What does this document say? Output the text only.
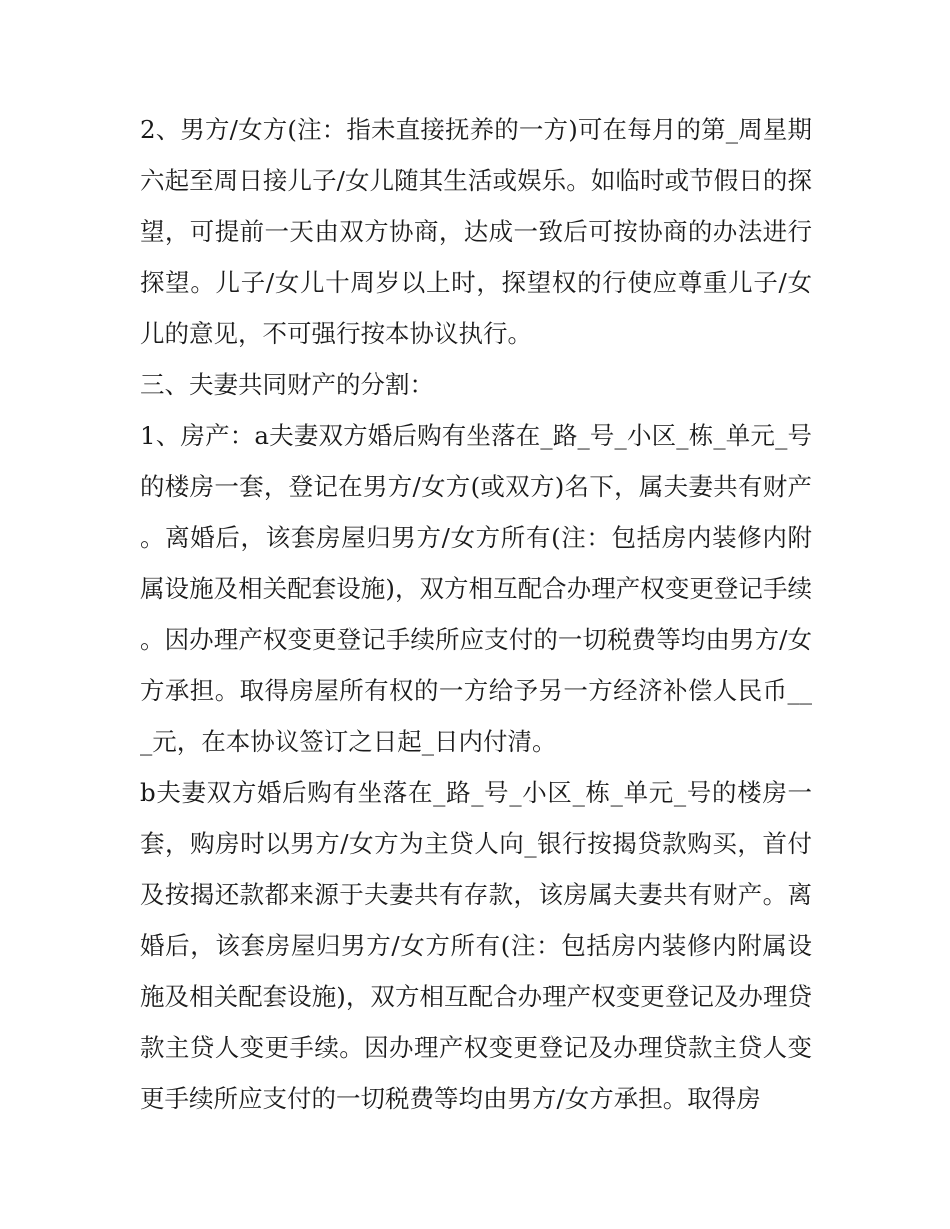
2、男方/女方(注：指未直接抚养的一方)可在每月的第_周星期六起至周日接儿子/女儿随其生活或娱乐。如临时或节假日的探望，可提前一天由双方协商，达成一致后可按协商的办法进行探望。儿子/女儿十周岁以上时，探望权的行使应尊重儿子/女儿的意见，不可强行按本协议执行。

三、夫妻共同财产的分割：

1、房产：a夫妻双方婚后购有坐落在_路_号_小区_栋_单元_号的楼房一套，登记在男方/女方(或双方)名下，属夫妻共有财产。离婚后，该套房屋归男方/女方所有(注：包括房内装修内附属设施及相关配套设施)，双方相互配合办理产权变更登记手续。因办理产权变更登记手续所应支付的一切税费等均由男方/女方承担。取得房屋所有权的一方给予另一方经济补偿人民币___元，在本协议签订之日起_日内付清。

b夫妻双方婚后购有坐落在_路_号_小区_栋_单元_号的楼房一套，购房时以男方/女方为主贷人向_银行按揭贷款购买，首付及按揭还款都来源于夫妻共有存款，该房属夫妻共有财产。离婚后，该套房屋归男方/女方所有(注：包括房内装修内附属设施及相关配套设施)，双方相互配合办理产权变更登记及办理贷款主贷人变更手续。因办理产权变更登记及办理贷款主贷人变更手续所应支付的一切税费等均由男方/女方承担。取得房
